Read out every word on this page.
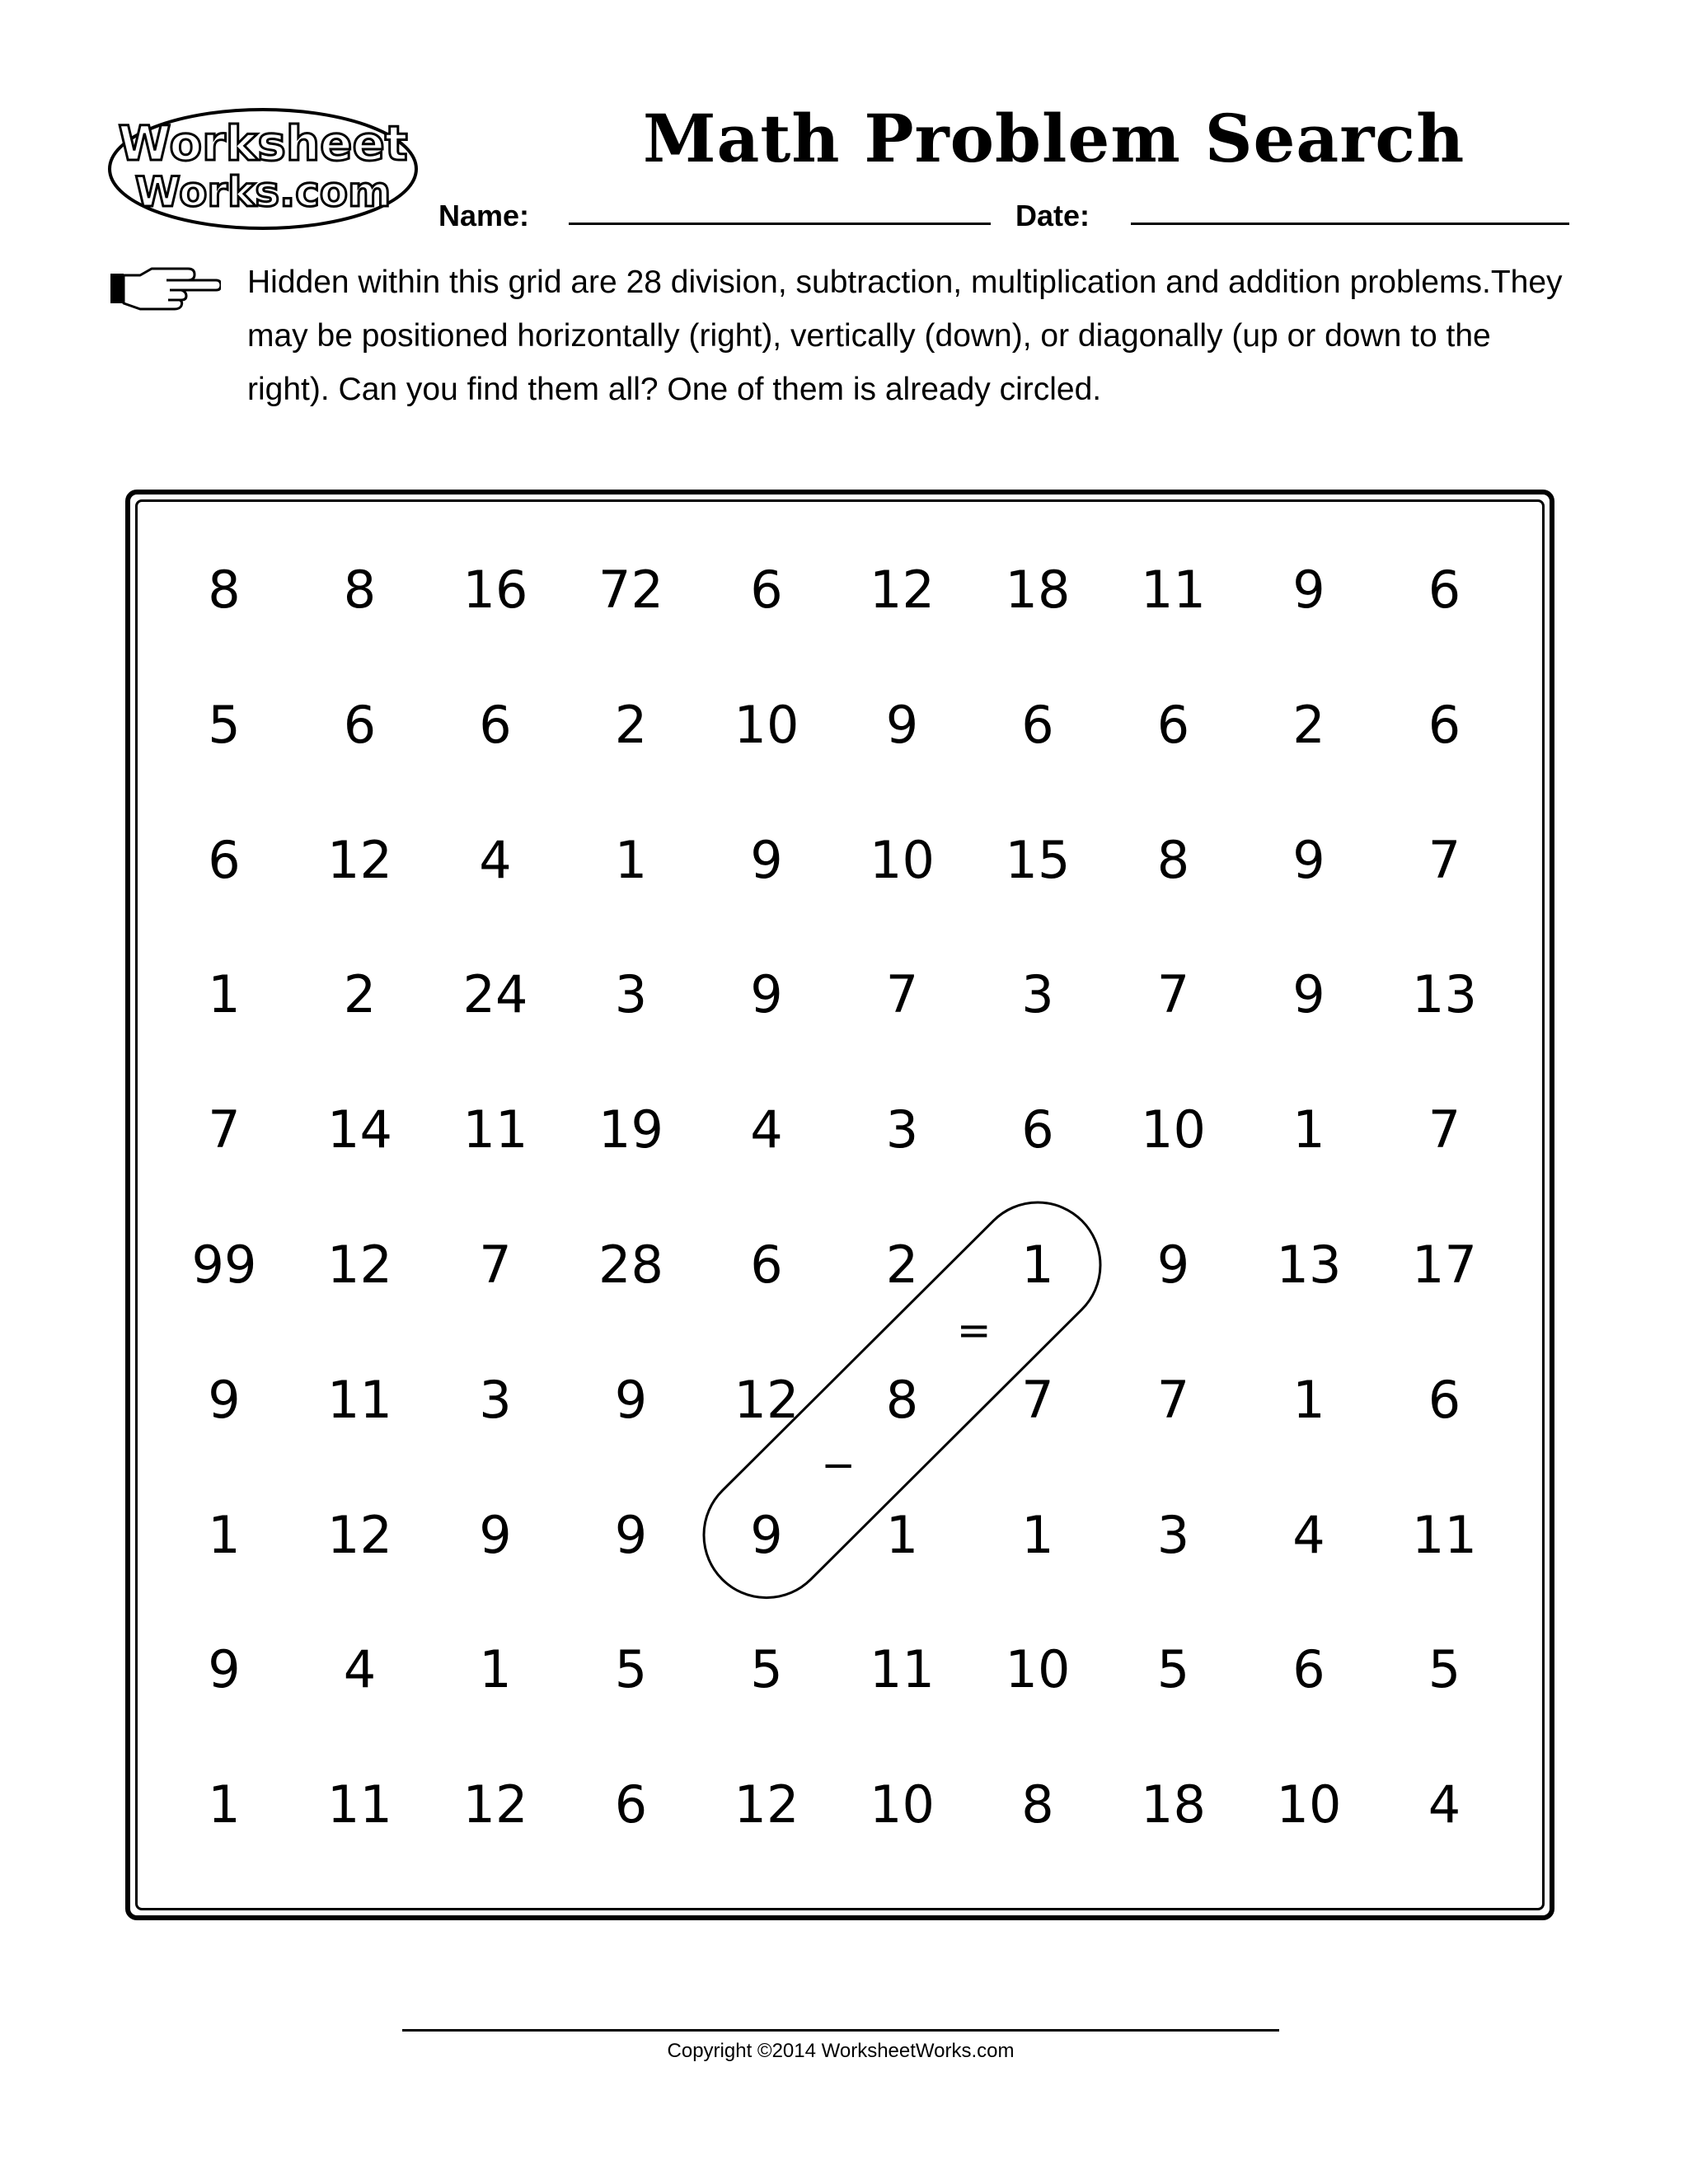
Worksheet
Works.com
Math Problem Search
Name:	Date:

Hidden within this grid are 28 division, subtraction, multiplication and addition problems.They may be positioned horizontally (right), vertically (down), or diagonally (up or down to the right). Can you find them all? One of them is already circled.

8	8	16	72	6	12	18	11	9	6
5	6	6	2	10	9	6	6	2	6
6	12	4	1	9	10	15	8	9	7
1	2	24	3	9	7	3	7	9	13
7	14	11	19	4	3	6	10	1	7
99	12	7	28	6	2	1	9	13	17
9	11	3	9	12	8	7	7	1	6
1	12	9	9	9	1	1	3	4	11
9	4	1	5	5	11	10	5	6	5
1	11	12	6	12	10	8	18	10	4
−
=
Copyright ©2014 WorksheetWorks.com
